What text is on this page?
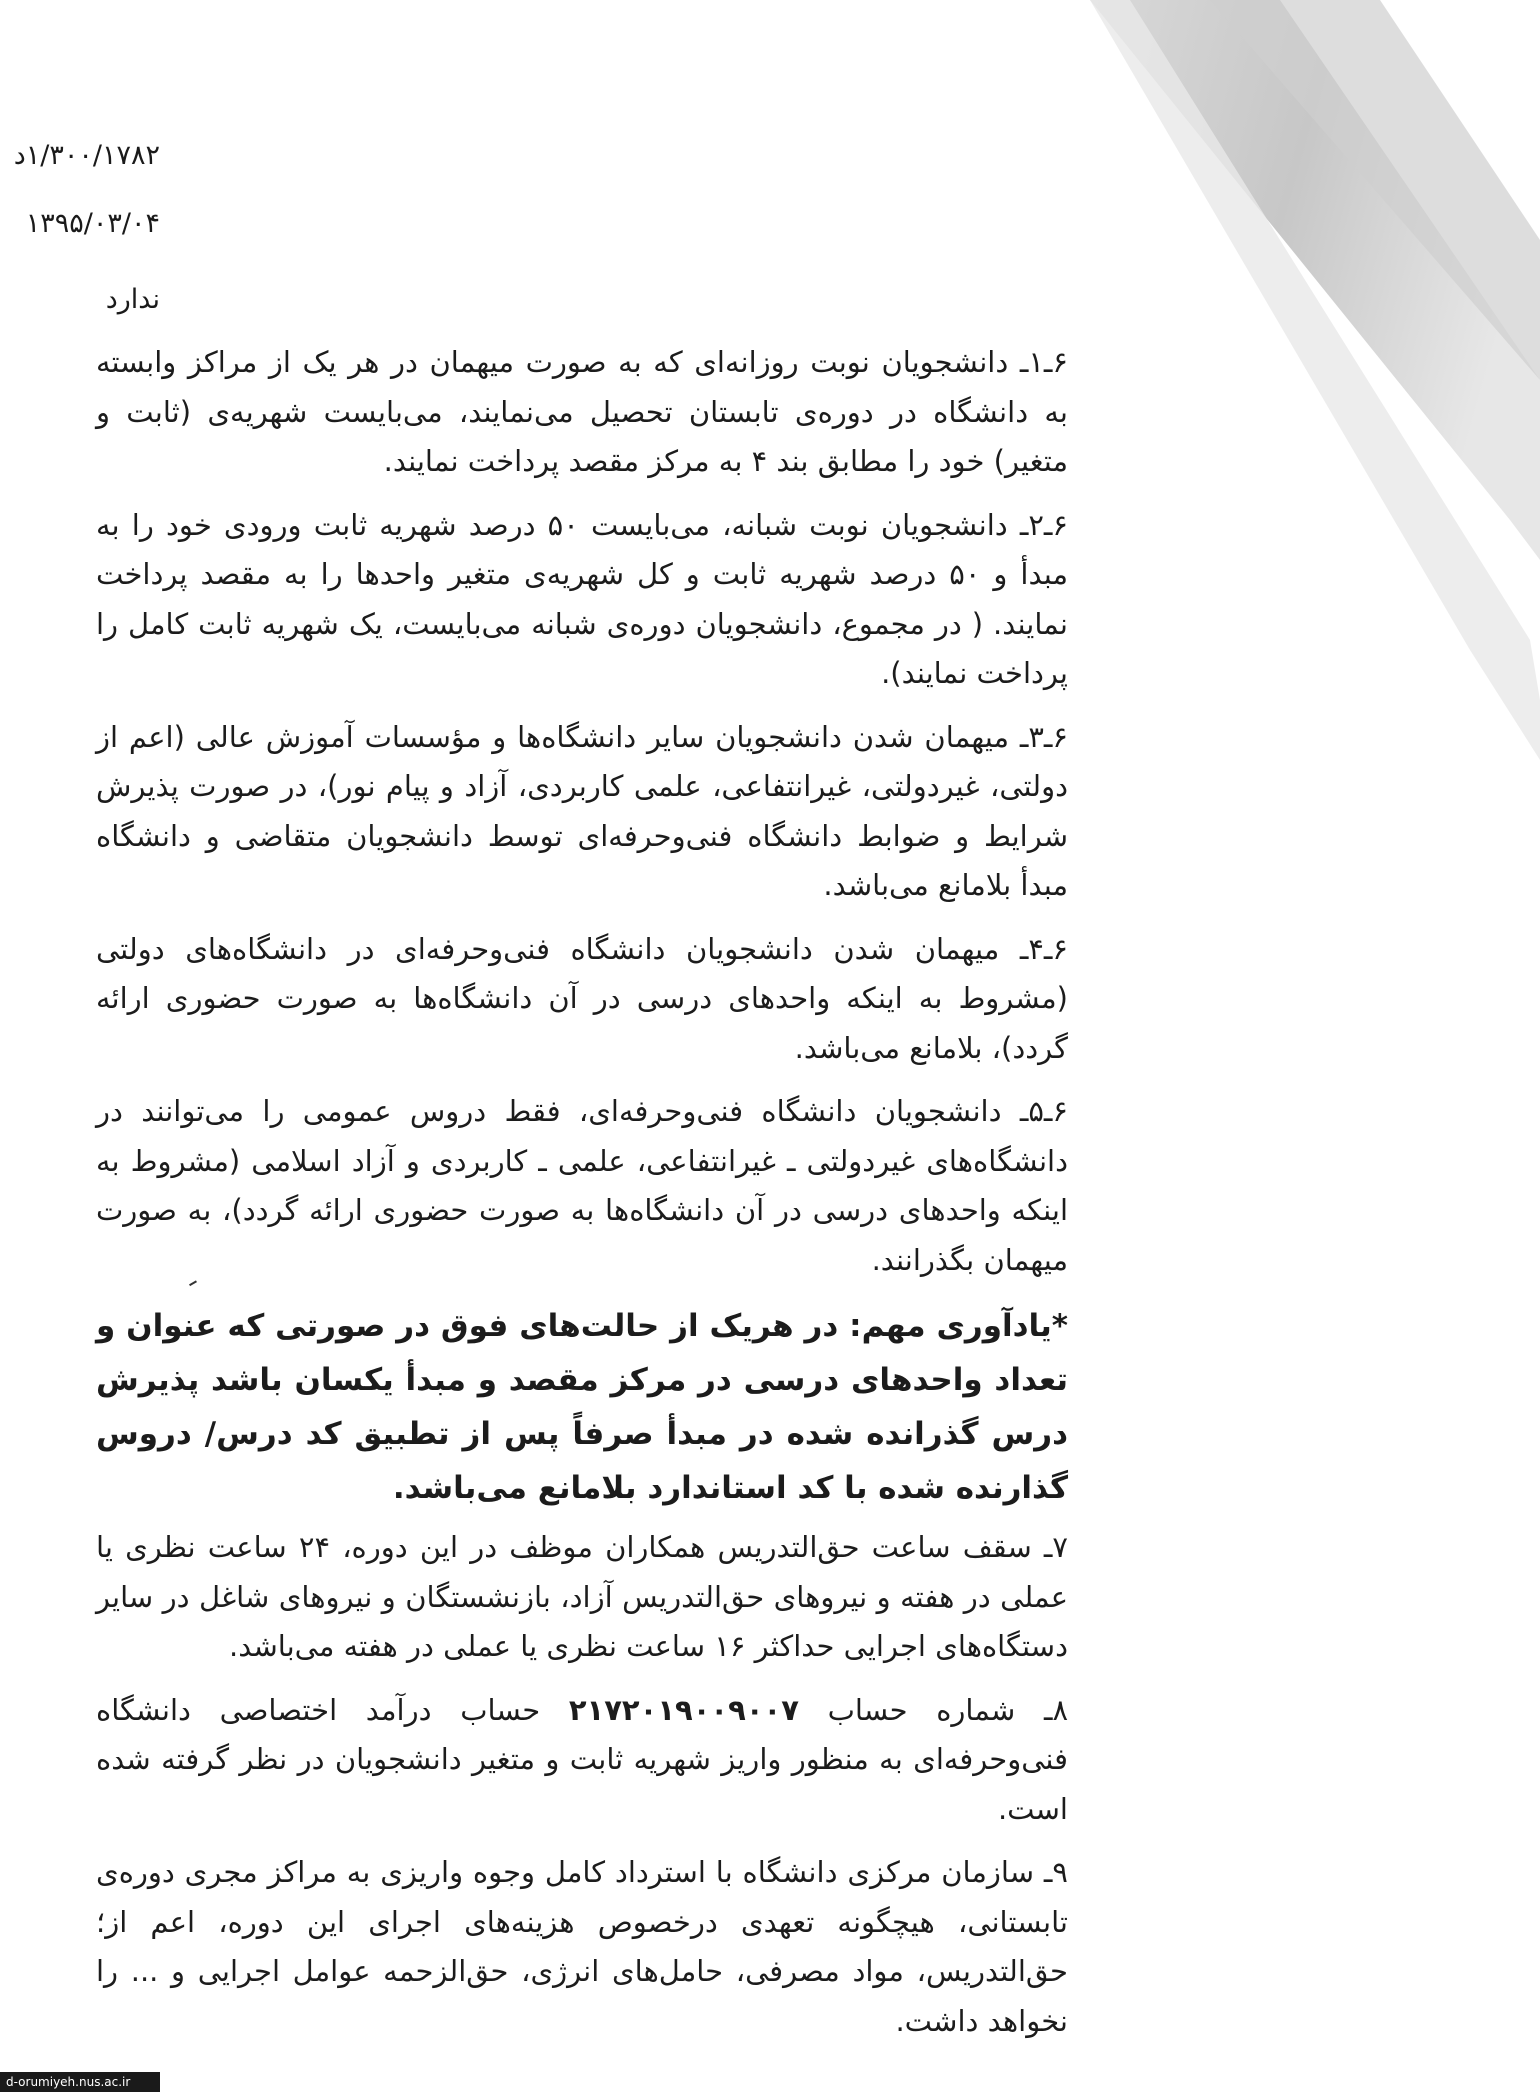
۱/۳۰۰/۱۷۸۲د
۱۳۹۵/۰۳/۰۴
ندارد

۶ـ۱ـ دانشجویان نوبت روزانه‌ای که به صورت میهمان در هر یک از مراکز وابسته به دانشگاه در دوره‌ی تابستان تحصیل می‌نمایند، می‌بایست شهریه‌ی (ثابت و متغیر) خود را مطابق بند ۴ به مرکز مقصد پرداخت نمایند.

۶ـ۲ـ دانشجویان نوبت شبانه، می‌بایست ۵۰ درصد شهریه ثابت ورودی خود را به مبدأ و ۵۰ درصد شهریه ثابت و کل شهریه‌ی متغیر واحدها را به مقصد پرداخت نمایند. ( در مجموع، دانشجویان دوره‌ی شبانه می‌بایست، یک شهریه ثابت کامل را پرداخت نمایند).

۶ـ۳ـ میهمان شدن دانشجویان سایر دانشگاه‌ها و مؤسسات آموزش عالی (اعم از دولتی، غیردولتی، غیرانتفاعی، علمی کاربردی، آزاد و پیام نور)، در صورت پذیرش شرایط و ضوابط دانشگاه فنی‌وحرفه‌ای توسط دانشجویان متقاضی و دانشگاه مبدأ بلامانع می‌باشد.

۶ـ۴ـ میهمان شدن دانشجویان دانشگاه فنی‌وحرفه‌ای در دانشگاه‌های دولتی (مشروط به اینکه واحدهای درسی در آن دانشگاه‌ها به صورت حضوری ارائه گردد)، بلامانع می‌باشد.

۶ـ۵ـ دانشجویان دانشگاه فنی‌وحرفه‌ای، فقط دروس عمومی را می‌توانند در دانشگاه‌های غیردولتی ـ غیرانتفاعی، علمی ـ کاربردی و آزاد اسلامی (مشروط به اینکه واحدهای درسی در آن دانشگاه‌ها به صورت حضوری ارائه گردد)، به صورت میهمان بگذرانند.

*یادآوری مهم: در هریک از حالت‌های فوق در صورتی که عنوان و تعداد واحدهای درسی در مرکز مقصد و مبدأ یکسان باشد پذیرش درس گذرانده شده در مبدأ صرفاً پس از تطبیق کد درس/ دروس گذارنده شده با کد استاندارد بلامانع می‌باشد.

۷ـ سقف ساعت حق‌التدریس همکاران موظف در این دوره، ۲۴ ساعت نظری یا عملی در هفته و نیروهای حق‌التدریس آزاد، بازنشستگان و نیروهای شاغل در سایر دستگاه‌های اجرایی حداکثر ۱۶ ساعت نظری یا عملی در هفته می‌باشد.

۸ـ شماره حساب ۲۱۷۲۰۱۹۰۰۹۰۰۷ حساب درآمد اختصاصی دانشگاه فنی‌وحرفه‌ای به منظور واریز شهریه ثابت و متغیر دانشجویان در نظر گرفته شده است.

۹ـ سازمان مرکزی دانشگاه با استرداد کامل وجوه واریزی به مراکز مجری دوره‌ی تابستانی، هیچگونه تعهدی درخصوص هزینه‌های اجرای این دوره، اعم از؛ حق‌التدریس، مواد مصرفی، حامل‌های انرژی، حق‌الزحمه عوامل اجرایی و ... را نخواهد داشت.

d-orumiyeh.nus.ac.ir
